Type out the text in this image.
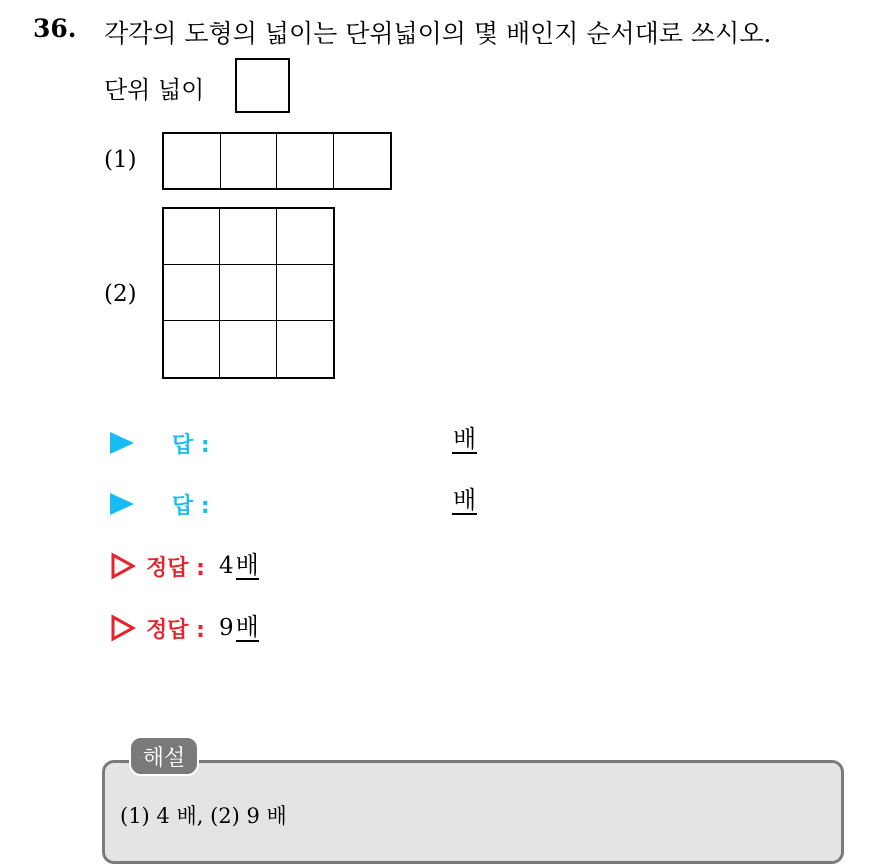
36. 각각의 도형의 넓이는 단위넓이의 몇 배인지 순서대로 쓰시오.
단위 넓이
(1)
(2)
답 :	배
답 :	배
정답 : 4 배
정답 : 9 배
해설
(1) 4 배, (2) 9 배
